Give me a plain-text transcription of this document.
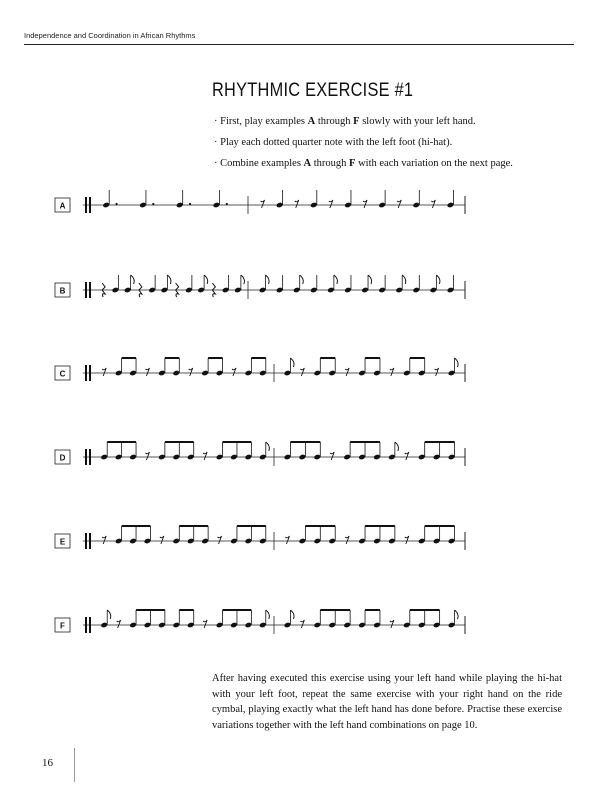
Independence and Coordination in African Rhythms
RHYTHMIC EXERCISE #1
· First, play examples A through F slowly with your left hand.
· Play each dotted quarter note with the left foot (hi-hat).
· Combine examples A through F with each variation on the next page.
A
B
C
D
E
F
After having executed this exercise using your left hand while playing the hi-hat with your left foot, repeat the same exercise with your right hand on the ride cymbal, playing exactly what the left hand has done before. Practise these exercise variations together with the left hand combinations on page 10.
16
